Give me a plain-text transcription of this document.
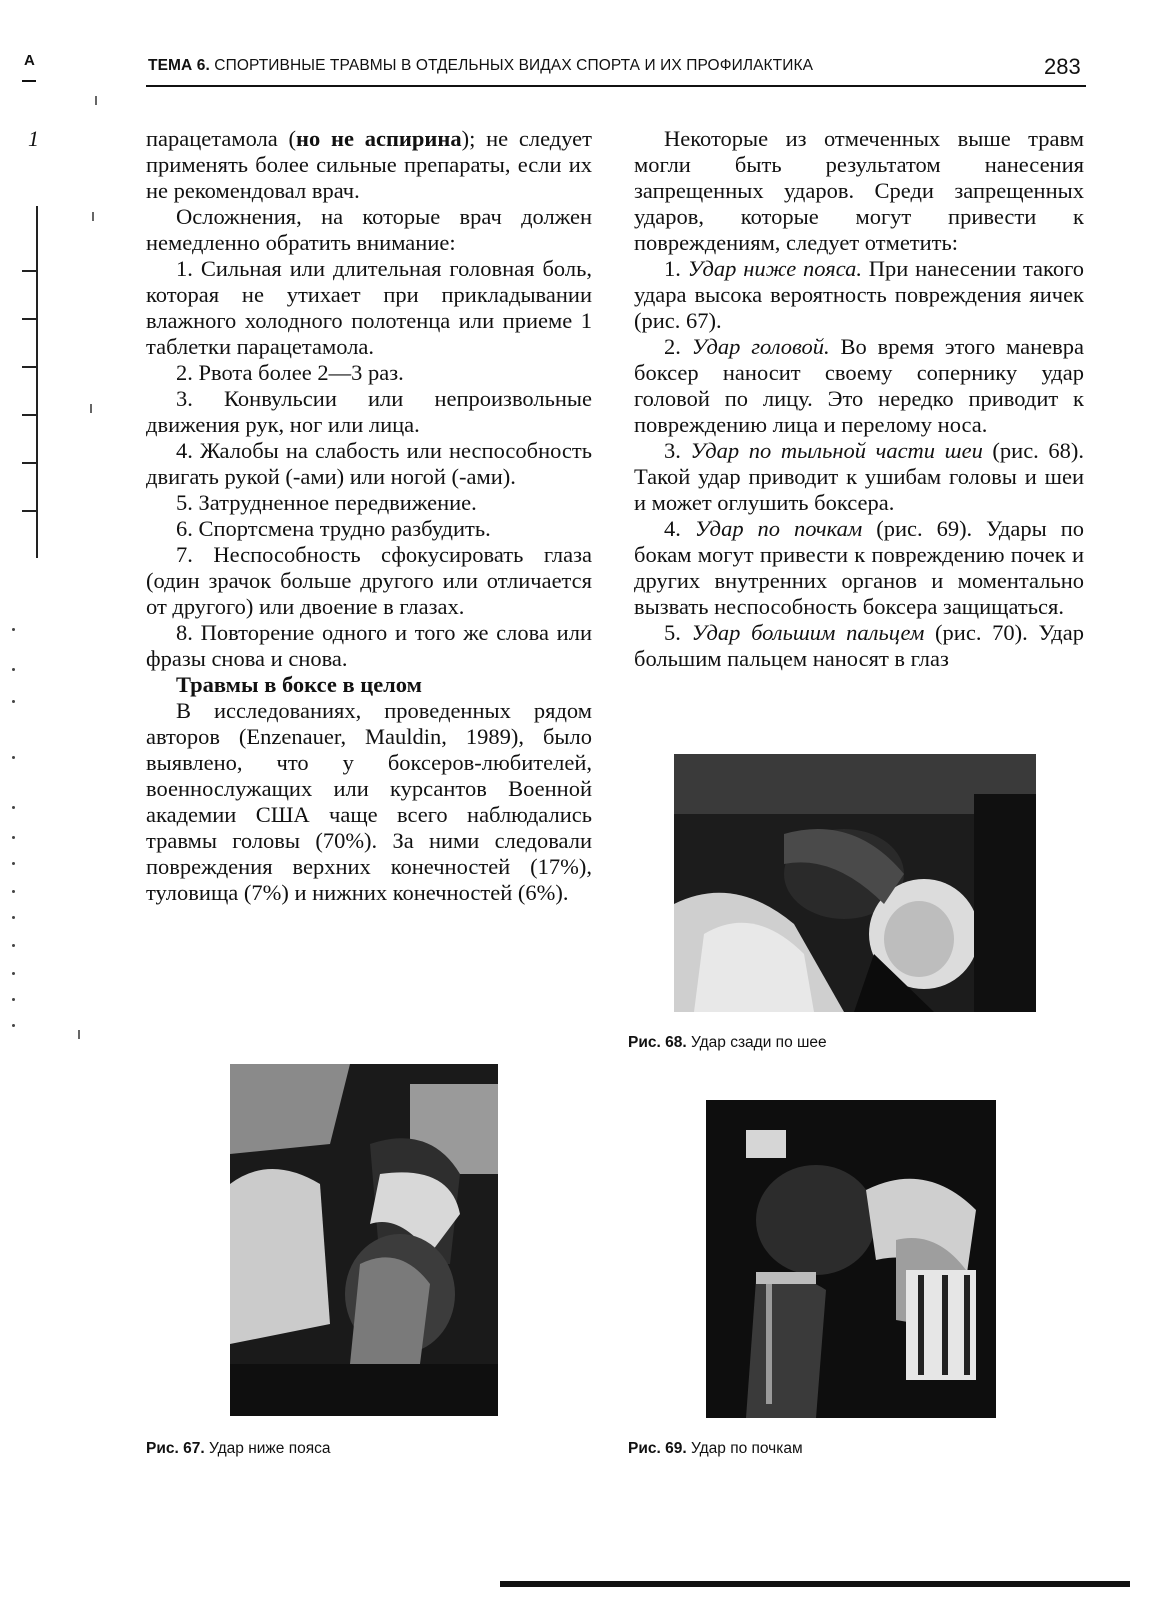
А
1
ТЕМА 6. СПОРТИВНЫЕ ТРАВМЫ В ОТДЕЛЬНЫХ ВИДАХ СПОРТА И ИХ ПРОФИЛАКТИКА	283

парацетамола (но не аспирина); не следует применять более сильные препараты, если их не рекомендовал врач.

Осложнения, на которые врач должен немедленно обратить внимание:

1. Сильная или длительная головная боль, которая не утихает при прикладывании влажного холодного полотенца или приеме 1 таблетки парацетамола.

2. Рвота более 2—3 раз.

3. Конвульсии или непроизвольные движения рук, ног или лица.

4. Жалобы на слабость или неспособность двигать рукой (-ами) или ногой (-ами).

5. Затрудненное передвижение.

6. Спортсмена трудно разбудить.

7. Неспособность сфокусировать глаза (один зрачок больше другого или отличается от другого) или двоение в глазах.

8. Повторение одного и того же слова или фразы снова и снова.

Травмы в боксе в целом

В исследованиях, проведенных рядом авторов (Enzenauer, Mauldin, 1989), было выявлено, что у боксеров-любителей, военнослужащих или курсантов Военной академии США чаще всего наблюдались травмы головы (70%). За ними следовали повреждения верхних конечностей (17%), туловища (7%) и нижних конечностей (6%).

Некоторые из отмеченных выше травм могли быть результатом нанесения запрещенных ударов. Среди запрещенных ударов, которые могут привести к повреждениям, следует отметить:

1. Удар ниже пояса. При нанесении такого удара высока вероятность повреждения яичек (рис. 67).

2. Удар головой. Во время этого маневра боксер наносит своему сопернику удар головой по лицу. Это нередко приводит к повреждению лица и перелому носа.

3. Удар по тыльной части шеи (рис. 68). Такой удар приводит к ушибам головы и шеи и может оглушить боксера.

4. Удар по почкам (рис. 69). Удары по бокам могут привести к повреждению почек и других внутренних органов и моментально вызвать неспособность боксера защищаться.

5. Удар большим пальцем (рис. 70). Удар большим пальцем наносят в глаз

Рис. 68. Удар сзади по шее
Рис. 67. Удар ниже пояса	Рис. 69. Удар по почкам
